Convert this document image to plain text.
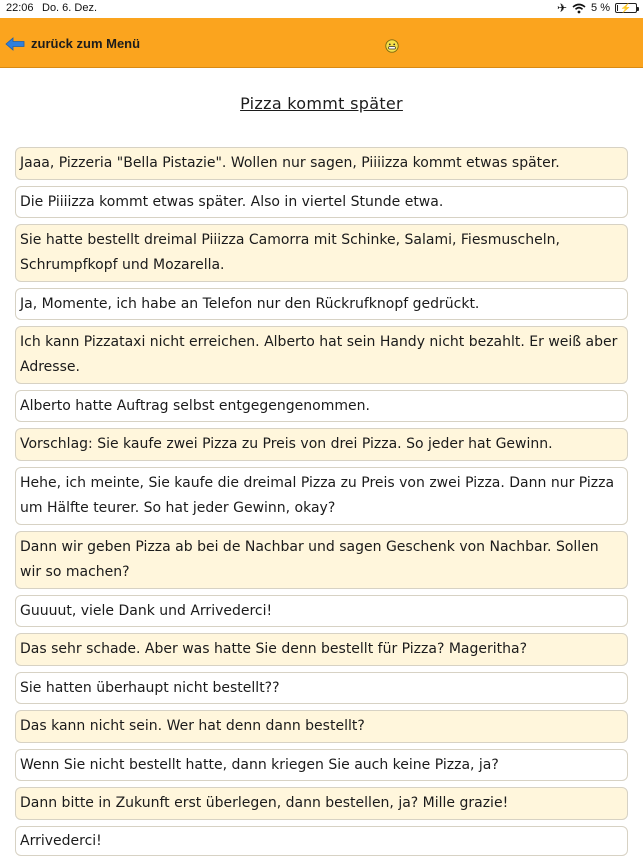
22:06 Do. 6. Dez.	✈ 5 % ⚡
zurück zum Menü
Pizza kommt später
Jaaa, Pizzeria "Bella Pistazie". Wollen nur sagen, Piiiizza kommt etwas später.
Die Piiiizza kommt etwas später. Also in viertel Stunde etwa.
Sie hatte bestellt dreimal Piiizza Camorra mit Schinke, Salami, Fiesmuscheln, Schrumpfkopf und Mozarella.
Ja, Momente, ich habe an Telefon nur den Rückrufknopf gedrückt.
Ich kann Pizzataxi nicht erreichen. Alberto hat sein Handy nicht bezahlt. Er weiß aber Adresse.
Alberto hatte Auftrag selbst entgegengenommen.
Vorschlag: Sie kaufe zwei Pizza zu Preis von drei Pizza. So jeder hat Gewinn.
Hehe, ich meinte, Sie kaufe die dreimal Pizza zu Preis von zwei Pizza. Dann nur Pizza um Hälfte teurer. So hat jeder Gewinn, okay?
Dann wir geben Pizza ab bei de Nachbar und sagen Geschenk von Nachbar. Sollen wir so machen?
Guuuut, viele Dank und Arrivederci!
Das sehr schade. Aber was hatte Sie denn bestellt für Pizza? Mageritha?
Sie hatten überhaupt nicht bestellt??
Das kann nicht sein. Wer hat denn dann bestellt?
Wenn Sie nicht bestellt hatte, dann kriegen Sie auch keine Pizza, ja?
Dann bitte in Zukunft erst überlegen, dann bestellen, ja? Mille grazie!
Arrivederci!
